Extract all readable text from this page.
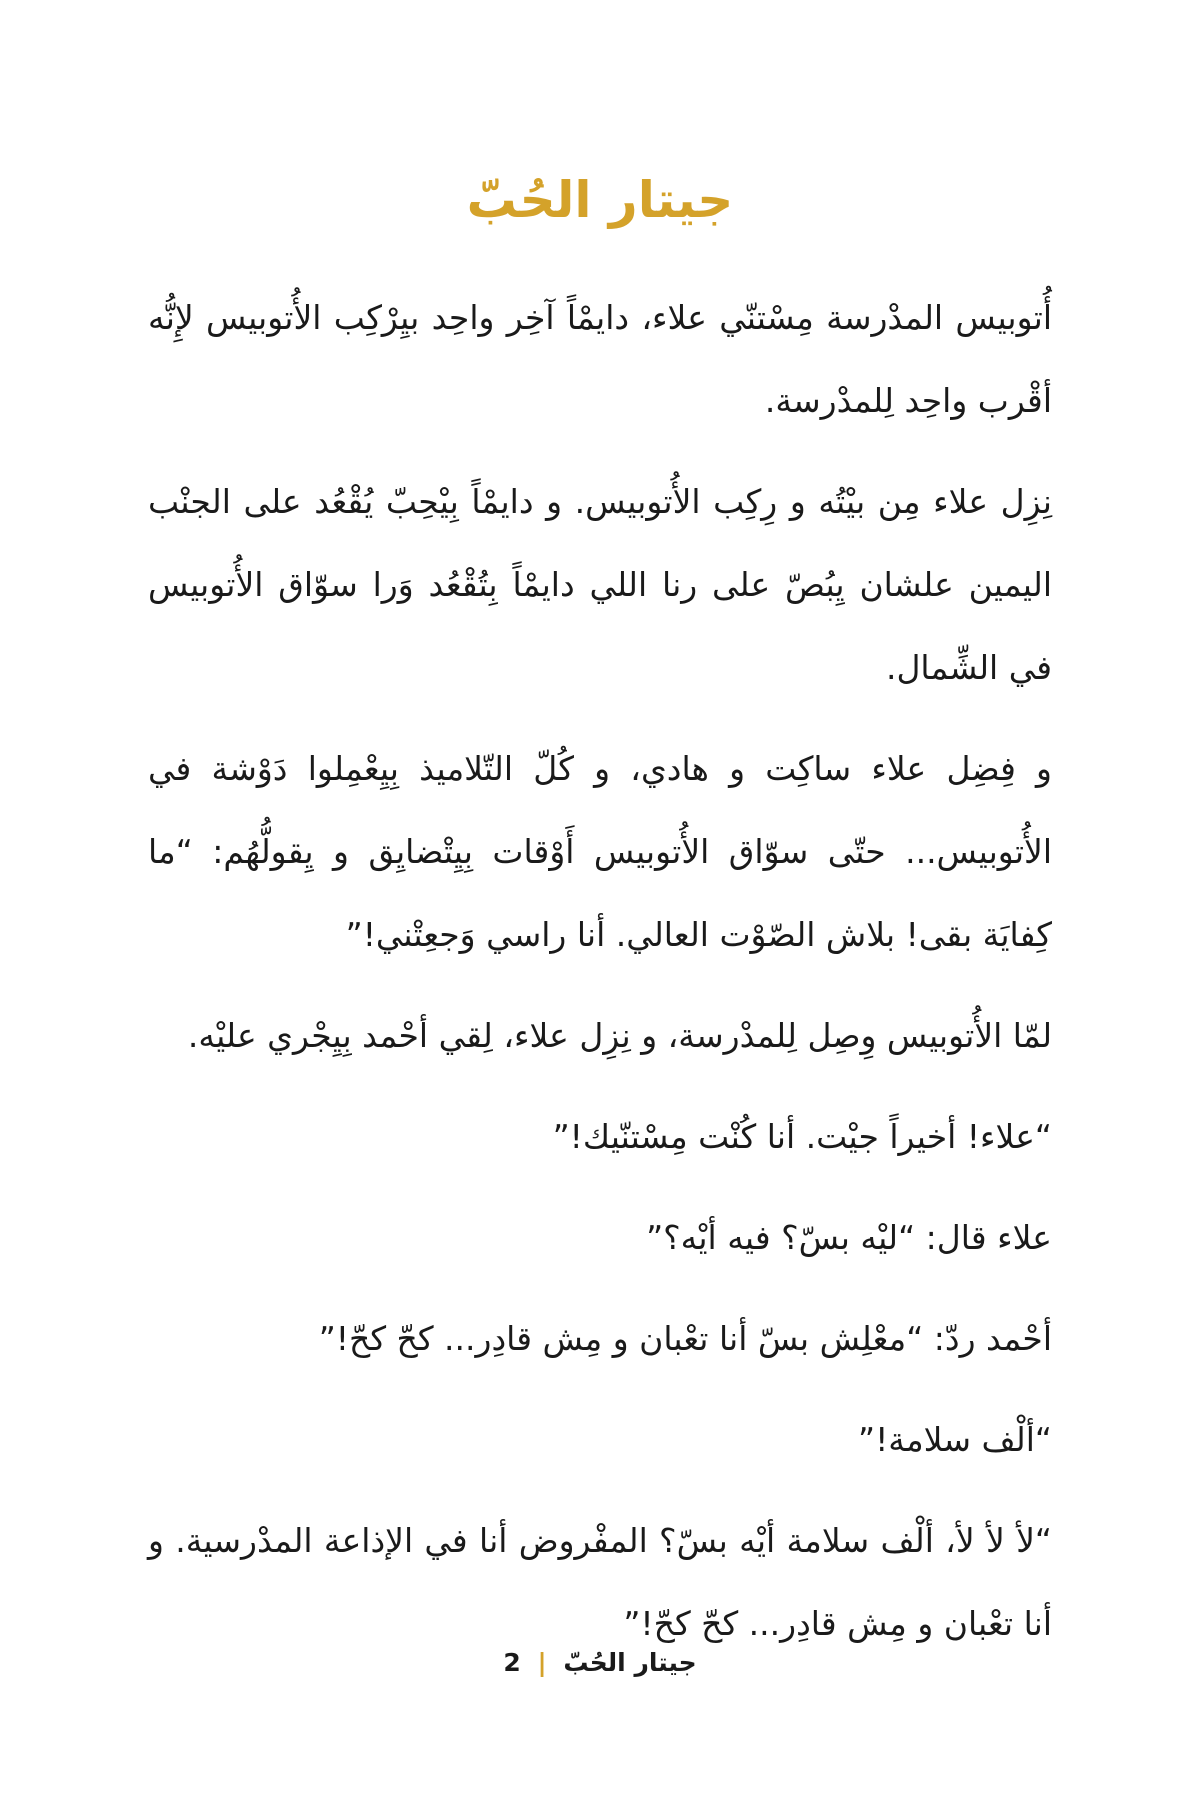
جيتار الحُبّ

أُتوبيس المدْرسة مِسْتنّي علاء، دايمْاً آخِر واحِد بيِرْكِب الأُتوبيس لإِنُّه أقْرب واحِد لِلمدْرسة.

نِزِل علاء مِن بيْتُه و رِكِب الأُتوبيس. و دايمْاً بِيْحِبّ يُقْعُد على الجنْب اليمين علشان يِبُصّ على رنا اللي دايمْاً بِتُقْعُد وَرا سوّاق الأُتوبيس في الشِّمال.

و فِضِل علاء ساكِت و هادي، و كُلّ التّلاميذ بِيِعْمِلوا دَوْشة في الأُتوبيس... حتّى سوّاق الأُتوبيس أَوْقات بِيِتْضايِق و يِقولُّهُم: “ما كِفايَة بقى! بلاش الصّوْت العالي. أنا راسي وَجعِتْني!”

لمّا الأُتوبيس وِصِل لِلمدْرسة، و نِزِل علاء، لِقي أحْمد بِيِجْري عليْه.

“علاء! أخيراً جيْت. أنا كُنْت مِسْتنّيك!”

علاء قال: “ليْه بسّ؟ فيه أيْه؟”

أحْمد ردّ: “معْلِش بسّ أنا تعْبان و مِش قادِر... كحّ كحّ!”

“ألْف سلامة!”

“لأ لأ لأ، ألْف سلامة أيْه بسّ؟ المفْروض أنا في الإذاعة المدْرسية. و أنا تعْبان و مِش قادِر... كحّ كحّ!”

جيتار الحُبّ | 2
